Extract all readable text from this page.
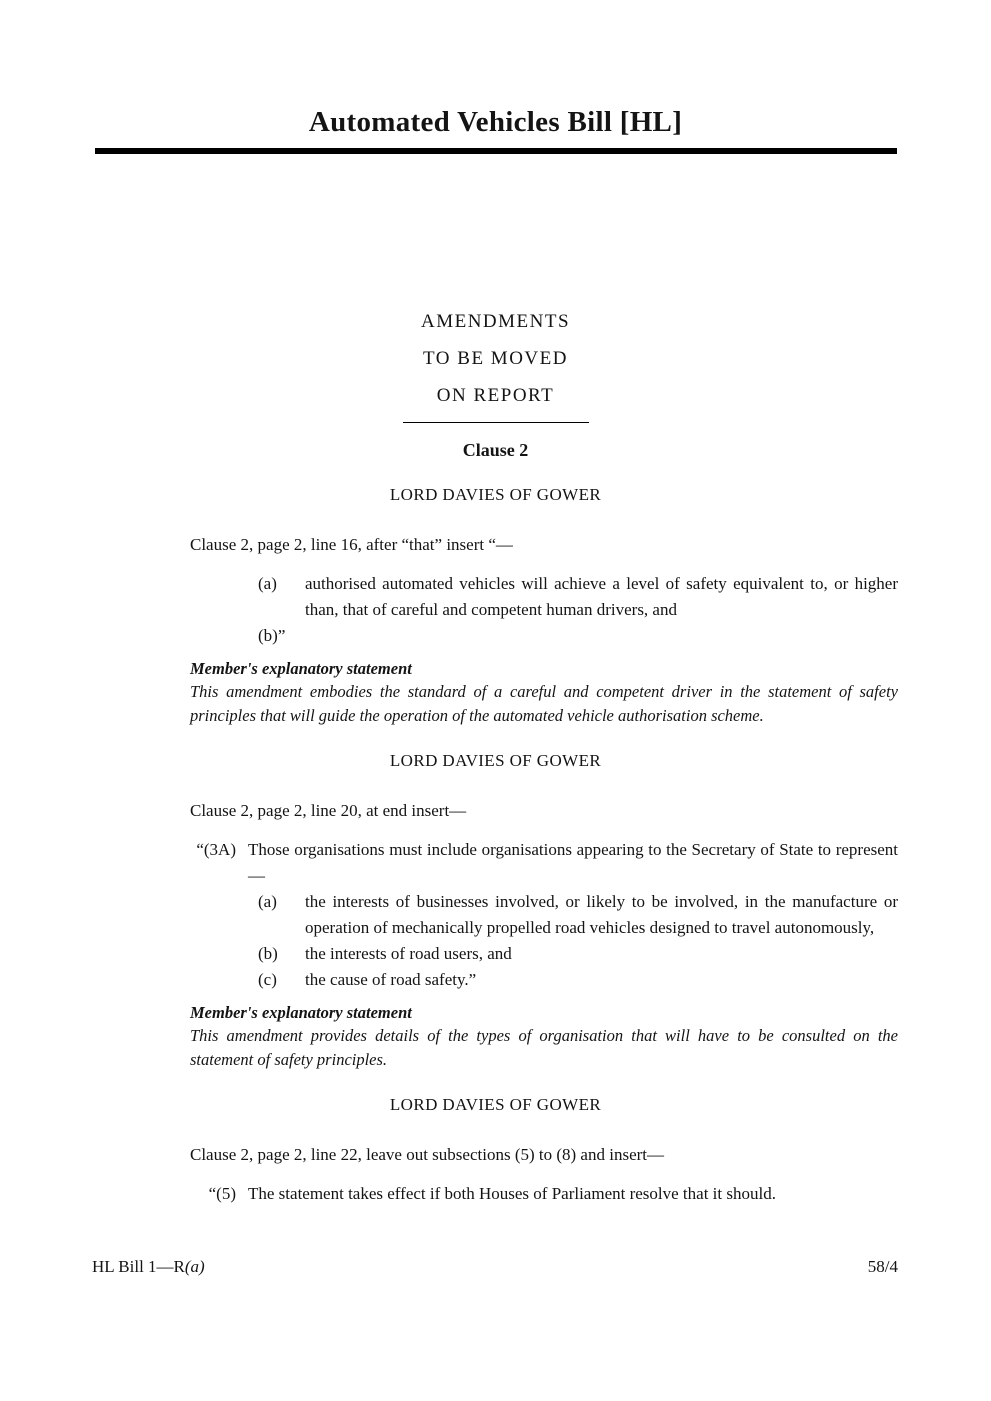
Automated Vehicles Bill [HL]
AMENDMENTS
TO BE MOVED
ON REPORT
Clause 2
LORD DAVIES OF GOWER
Clause 2, page 2, line 16, after “that” insert “—
(a)	authorised automated vehicles will achieve a level of safety equivalent to, or higher than, that of careful and competent human drivers, and
(b)”
Member's explanatory statement
This amendment embodies the standard of a careful and competent driver in the statement of safety principles that will guide the operation of the automated vehicle authorisation scheme.
LORD DAVIES OF GOWER
Clause 2, page 2, line 20, at end insert—
“(3A) Those organisations must include organisations appearing to the Secretary of State to represent—
(a)	the interests of businesses involved, or likely to be involved, in the manufacture or operation of mechanically propelled road vehicles designed to travel autonomously,
(b)	the interests of road users, and
(c)	the cause of road safety.”
Member's explanatory statement
This amendment provides details of the types of organisation that will have to be consulted on the statement of safety principles.
LORD DAVIES OF GOWER
Clause 2, page 2, line 22, leave out subsections (5) to (8) and insert—
“(5) The statement takes effect if both Houses of Parliament resolve that it should.
HL Bill 1—R(a)	58/4
